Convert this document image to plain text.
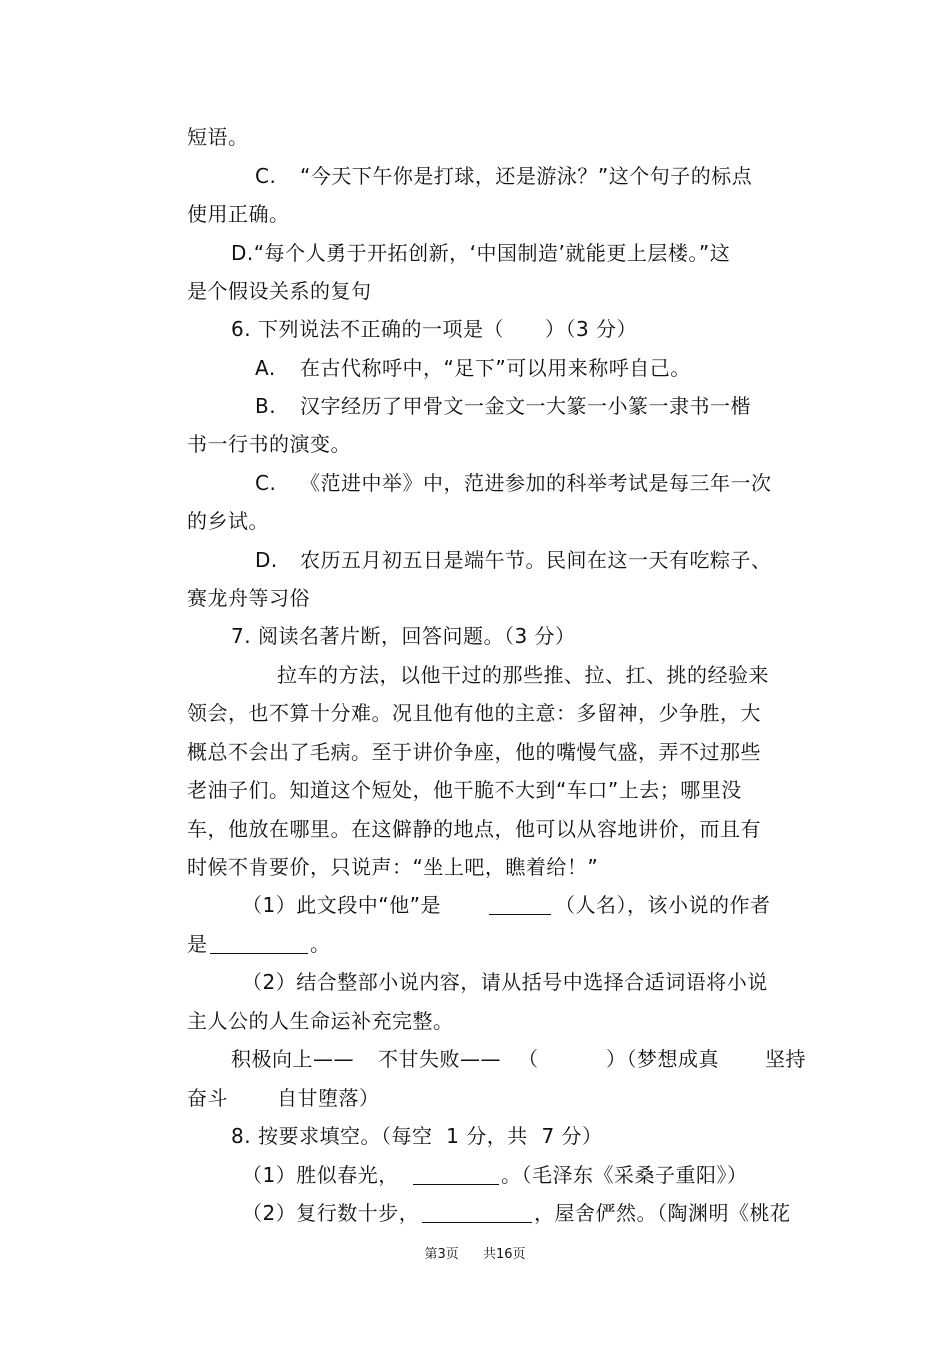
短语。
C. “今天下午你是打球，还是游泳？”这个句子的标点
使用正确。
D.“每个人勇于开拓创新，‘中国制造’就能更上层楼。”这
是个假设关系的复句
6. 下列说法不正确的一项是（　　）（3 分）
A. 在古代称呼中，“足下”可以用来称呼自己。
B. 汉字经历了甲骨文一金文一大篆一小篆一隶书一楷
书一行书的演变。
C. 《范进中举》中，范进参加的科举考试是每三年一次
的乡试。
D. 农历五月初五日是端午节。民间在这一天有吃粽子、
赛龙舟等习俗
7. 阅读名著片断，回答问题。（3 分）
拉车的方法，以他干过的那些推、拉、扛、挑的经验来
领会，也不算十分难。况且他有他的主意：多留神，少争胜，大
概总不会出了毛病。至于讲价争座，他的嘴慢气盛，弄不过那些
老油子们。知道这个短处，他干脆不大到“车口”上去；哪里没
车，他放在哪里。在这僻静的地点，他可以从容地讲价，而且有
时候不肯要价，只说声：“坐上吧，瞧着给！”
（1）此文段中“他”是	（人名），该小说的作者
是	。
（2）结合整部小说内容，请从括号中选择合适词语将小说
主人公的人生命运补充完整。
积极向上—— 不甘失败—— （	）（梦想成真 坚持
奋斗 自甘堕落）
8. 按要求填空。（每空  1 分，共  7 分）
（1）胜似春光，	。（毛泽东《采桑子重阳》）
（2）复行数十步，	，屋舍俨然。（陶渊明《桃花
第3页 共16页
